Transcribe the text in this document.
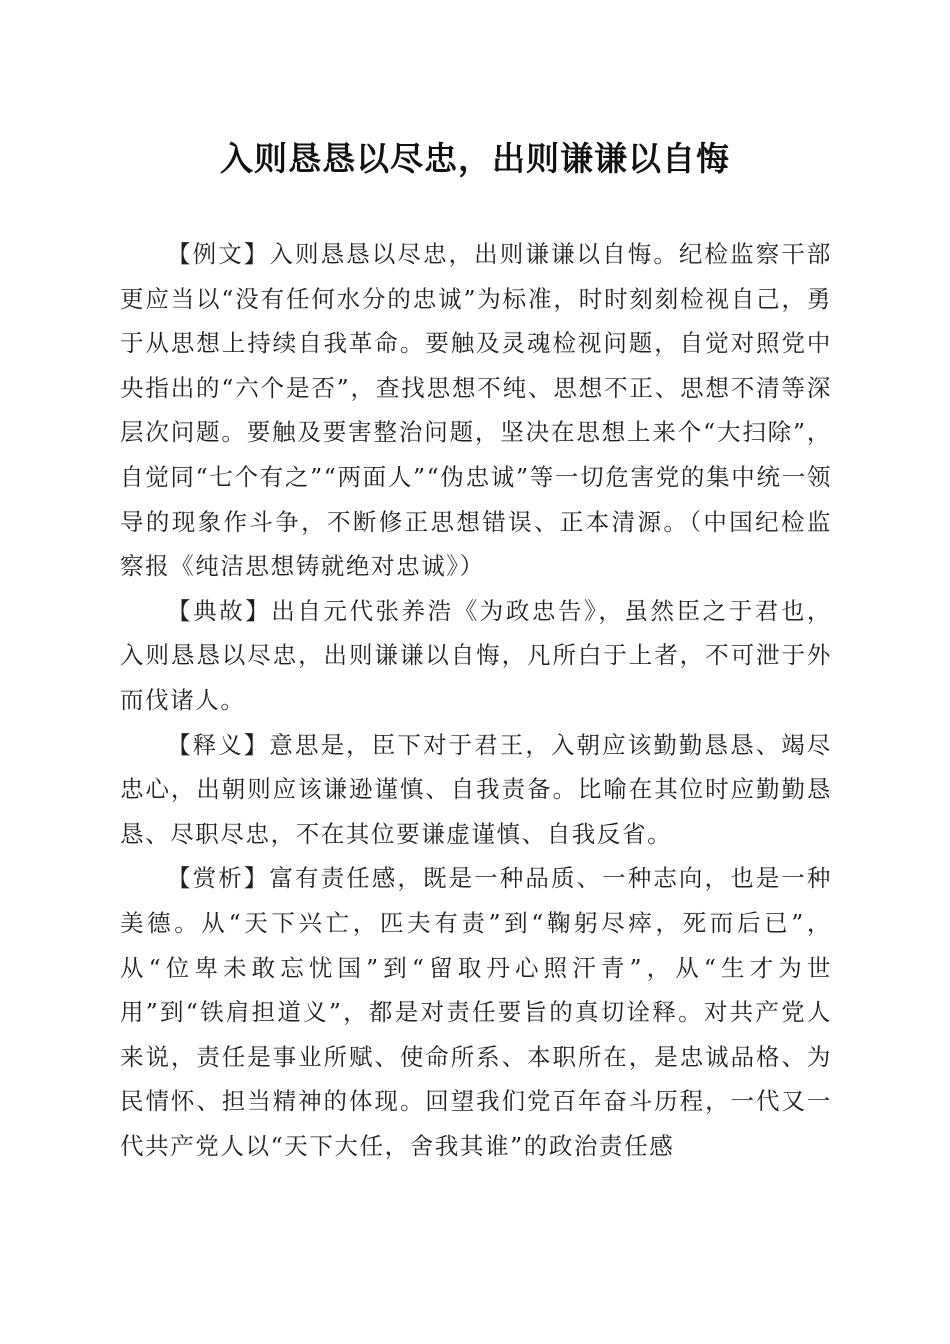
入则恳恳以尽忠，出则谦谦以自悔

【例文】入则恳恳以尽忠，出则谦谦以自悔。纪检监察干部更应当以“没有任何水分的忠诚”为标准，时时刻刻检视自己，勇于从思想上持续自我革命。要触及灵魂检视问题，自觉对照党中央指出的“六个是否”，查找思想不纯、思想不正、思想不清等深层次问题。要触及要害整治问题，坚决在思想上来个“大扫除”，自觉同“七个有之”“两面人”“伪忠诚”等一切危害党的集中统一领导的现象作斗争，不断修正思想错误、正本清源。（中国纪检监察报《纯洁思想铸就绝对忠诚》）

【典故】出自元代张养浩《为政忠告》，虽然臣之于君也，入则恳恳以尽忠，出则谦谦以自悔，凡所白于上者，不可泄于外而伐诸人。

【释义】意思是，臣下对于君王，入朝应该勤勤恳恳、竭尽忠心，出朝则应该谦逊谨慎、自我责备。比喻在其位时应勤勤恳恳、尽职尽忠，不在其位要谦虚谨慎、自我反省。

【赏析】富有责任感，既是一种品质、一种志向，也是一种美德。从“天下兴亡，匹夫有责”到“鞠躬尽瘁，死而后已”，从“位卑未敢忘忧国”到“留取丹心照汗青”，从“生才为世用”到“铁肩担道义”，都是对责任要旨的真切诠释。对共产党人来说，责任是事业所赋、使命所系、本职所在，是忠诚品格、为民情怀、担当精神的体现。回望我们党百年奋斗历程，一代又一代共产党人以“天下大任，舍我其谁”的政治责任感
